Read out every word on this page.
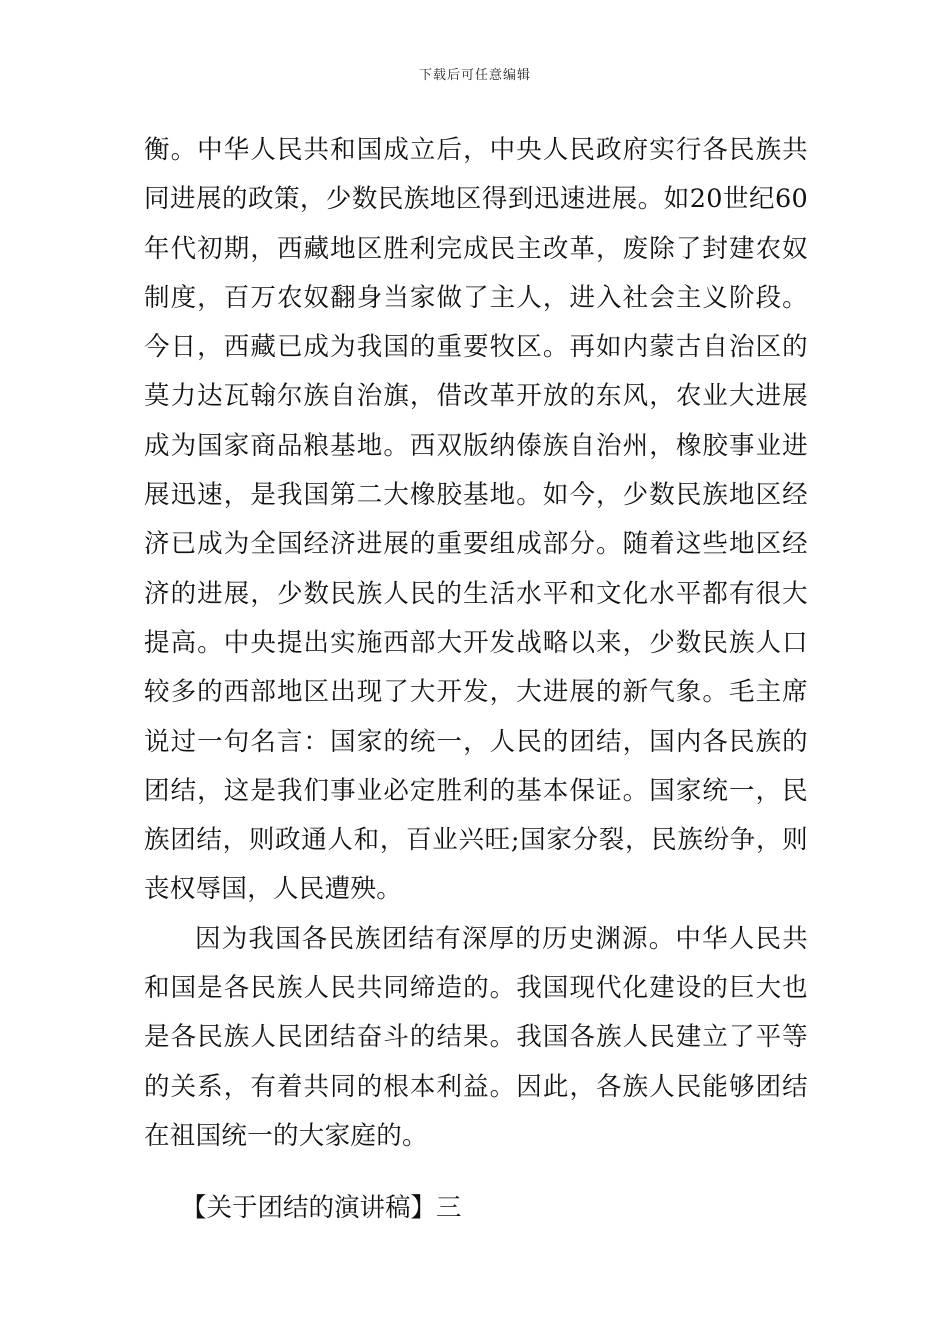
下载后可任意编辑

衡。中华人民共和国成立后，中央人民政府实行各民族共同进展的政策，少数民族地区得到迅速进展。如20世纪60年代初期，西藏地区胜利完成民主改革，废除了封建农奴制度，百万农奴翻身当家做了主人，进入社会主义阶段。今日，西藏已成为我国的重要牧区。再如内蒙古自治区的莫力达瓦翰尔族自治旗，借改革开放的东风，农业大进展成为国家商品粮基地。西双版纳傣族自治州，橡胶事业进展迅速，是我国第二大橡胶基地。如今，少数民族地区经济已成为全国经济进展的重要组成部分。随着这些地区经济的进展，少数民族人民的生活水平和文化水平都有很大提高。中央提出实施西部大开发战略以来，少数民族人口较多的西部地区出现了大开发，大进展的新气象。毛主席说过一句名言：国家的统一，人民的团结，国内各民族的团结，这是我们事业必定胜利的基本保证。国家统一，民族团结，则政通人和，百业兴旺;国家分裂，民族纷争，则丧权辱国，人民遭殃。

因为我国各民族团结有深厚的历史渊源。中华人民共和国是各民族人民共同缔造的。我国现代化建设的巨大也是各民族人民团结奋斗的结果。我国各族人民建立了平等的关系，有着共同的根本利益。因此，各族人民能够团结在祖国统一的大家庭的。

【关于团结的演讲稿】三
